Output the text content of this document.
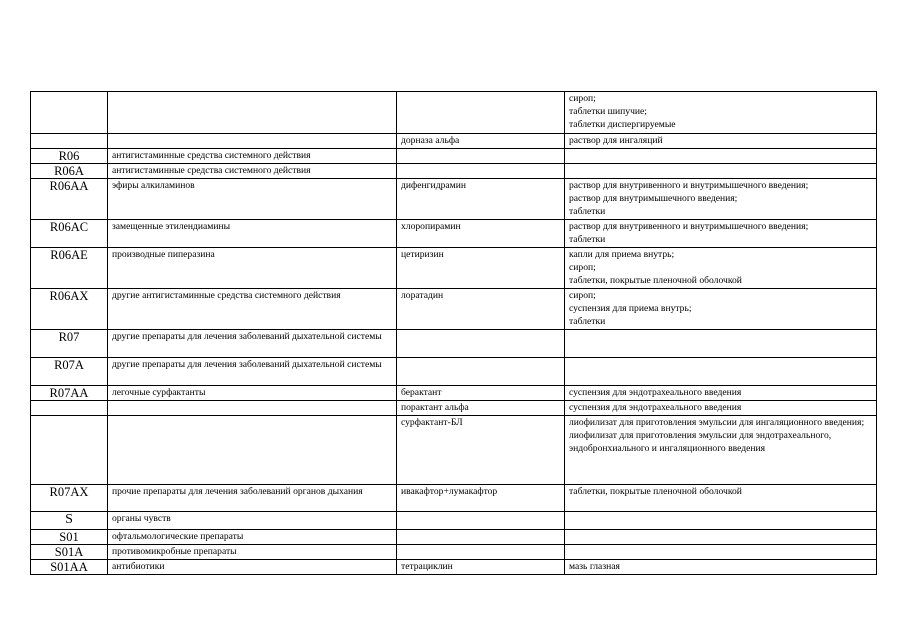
			сироп;
таблетки шипучие;
таблетки диспергируемые

		дорназа альфа	раствор для ингаляций

R06	антигистаминные средства системного действия		
R06A	антигистаминные средства системного действия		
R06AA	эфиры алкиламинов	дифенгидрамин	раствор для внутривенного и внутримышечного введения;
раствор для внутримышечного введения;
таблетки

R06AC	замещенные этилендиамины	хлоропирамин	раствор для внутривенного и внутримышечного введения;
таблетки

R06AE	производные пиперазина	цетиризин	капли для приема внутрь;
сироп;
таблетки, покрытые пленочной оболочкой

R06AX	другие антигистаминные средства системного действия	лоратадин	сироп;
суспензия для приема внутрь;
таблетки

R07	другие препараты для лечения заболеваний дыхательной системы		
R07A	другие препараты для лечения заболеваний дыхательной системы		
R07AA	легочные сурфактанты	берактант	суспензия для эндотрахеального введения

		порактант альфа	суспензия для эндотрахеального введения

		сурфактант-БЛ	лиофилизат для приготовления эмульсии для ингаляционного введения;
лиофилизат для приготовления эмульсии для эндотрахеального, эндобронхиального и ингаляционного введения

R07AX	прочие препараты для лечения заболеваний органов дыхания	ивакафтор+лумакафтор	таблетки, покрытые пленочной оболочкой

S	органы чувств		
S01	офтальмологические препараты		
S01A	противомикробные препараты		
S01AA	антибиотики	тетрациклин	мазь глазная
